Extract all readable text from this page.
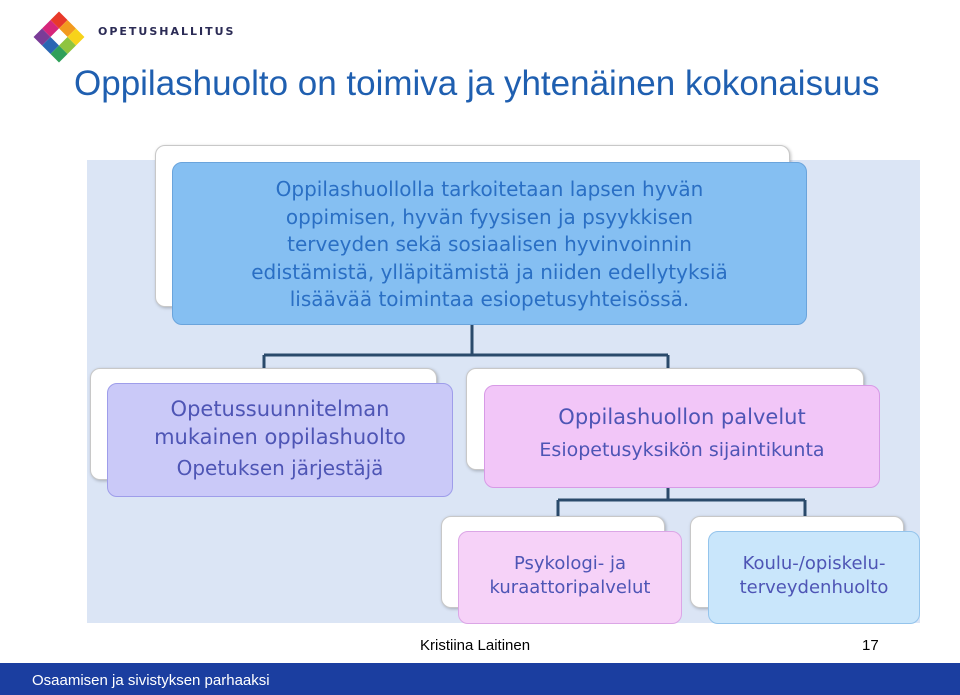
OPETUSHALLITUS
Oppilashuolto on toimiva ja yhtenäinen kokonaisuus
Oppilashuollolla tarkoitetaan lapsen hyvän
oppimisen, hyvän fyysisen ja psyykkisen
terveyden sekä sosiaalisen hyvinvoinnin
edistämistä, ylläpitämistä ja niiden edellytyksiä
lisäävää toimintaa esiopetusyhteisössä.
Opetussuunnitelman
mukainen oppilashuolto
Opetuksen järjestäjä
Oppilashuollon palvelut
Esiopetusyksikön sijaintikunta
Psykologi- ja
kuraattoripalvelut
Koulu-/opiskelu-
terveydenhuolto
Kristiina Laitinen	17
Osaamisen ja sivistyksen parhaaksi
